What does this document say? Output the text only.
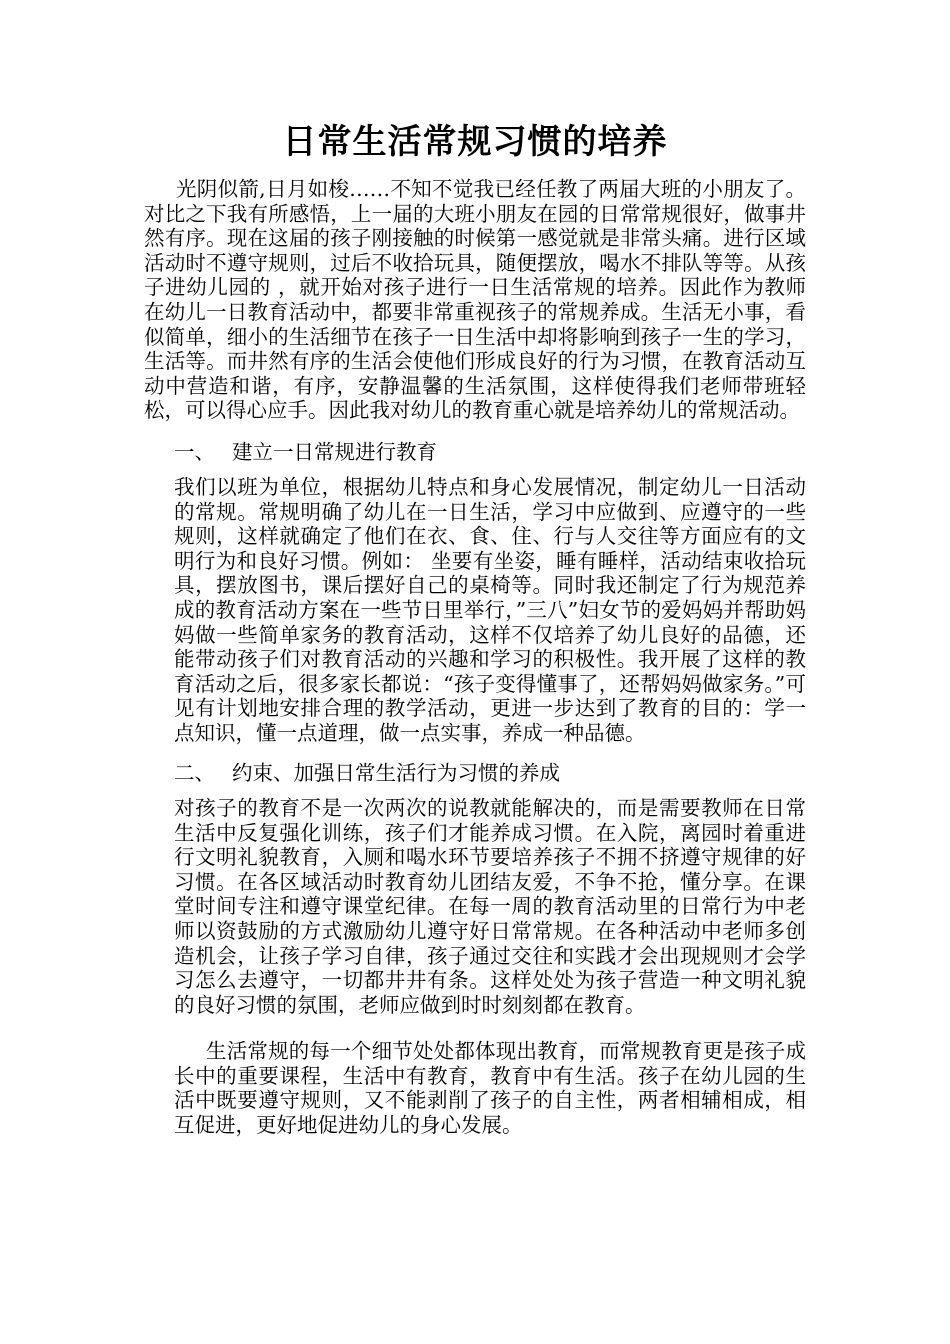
日常生活常规习惯的培养

光阴似箭,日月如梭……不知不觉我已经任教了两届大班的小朋友了。对比之下我有所感悟，上一届的大班小朋友在园的日常常规很好，做事井然有序。现在这届的孩子刚接触的时候第一感觉就是非常头痛。进行区域活动时不遵守规则，过后不收拾玩具，随便摆放，喝水不排队等等。从孩子进幼儿园的 ，就开始对孩子进行一日生活常规的培养。因此作为教师在幼儿一日教育活动中，都要非常重视孩子的常规养成。生活无小事，看似简单，细小的生活细节在孩子一日生活中却将影响到孩子一生的学习，生活等。而井然有序的生活会使他们形成良好的行为习惯，在教育活动互动中营造和谐，有序，安静温馨的生活氛围，这样使得我们老师带班轻松，可以得心应手。因此我对幼儿的教育重心就是培养幼儿的常规活动。

一、 建立一日常规进行教育

我们以班为单位，根据幼儿特点和身心发展情况，制定幼儿一日活动的常规。常规明确了幼儿在一日生活，学习中应做到、应遵守的一些规则，这样就确定了他们在衣、食、住、行与人交往等方面应有的文明行为和良好习惯。例如： 坐要有坐姿，睡有睡样，活动结束收拾玩具，摆放图书，课后摆好自己的桌椅等。同时我还制定了行为规范养成的教育活动方案在一些节日里举行，”三八”妇女节的爱妈妈并帮助妈妈做一些简单家务的教育活动，这样不仅培养了幼儿良好的品德，还能带动孩子们对教育活动的兴趣和学习的积极性。我开展了这样的教育活动之后，很多家长都说：“孩子变得懂事了，还帮妈妈做家务。”可见有计划地安排合理的教学活动，更进一步达到了教育的目的：学一点知识，懂一点道理，做一点实事，养成一种品德。

二、 约束、加强日常生活行为习惯的养成

对孩子的教育不是一次两次的说教就能解决的，而是需要教师在日常生活中反复强化训练，孩子们才能养成习惯。在入院，离园时着重进行文明礼貌教育，入厕和喝水环节要培养孩子不拥不挤遵守规律的好习惯。在各区域活动时教育幼儿团结友爱，不争不抢，懂分享。在课堂时间专注和遵守课堂纪律。在每一周的教育活动里的日常行为中老师以资鼓励的方式激励幼儿遵守好日常常规。在各种活动中老师多创造机会，让孩子学习自律，孩子通过交往和实践才会出现规则才会学习怎么去遵守，一切都井井有条。这样处处为孩子营造一种文明礼貌的良好习惯的氛围，老师应做到时时刻刻都在教育。

生活常规的每一个细节处处都体现出教育，而常规教育更是孩子成长中的重要课程，生活中有教育，教育中有生活。孩子在幼儿园的生活中既要遵守规则，又不能剥削了孩子的自主性，两者相辅相成，相互促进，更好地促进幼儿的身心发展。
